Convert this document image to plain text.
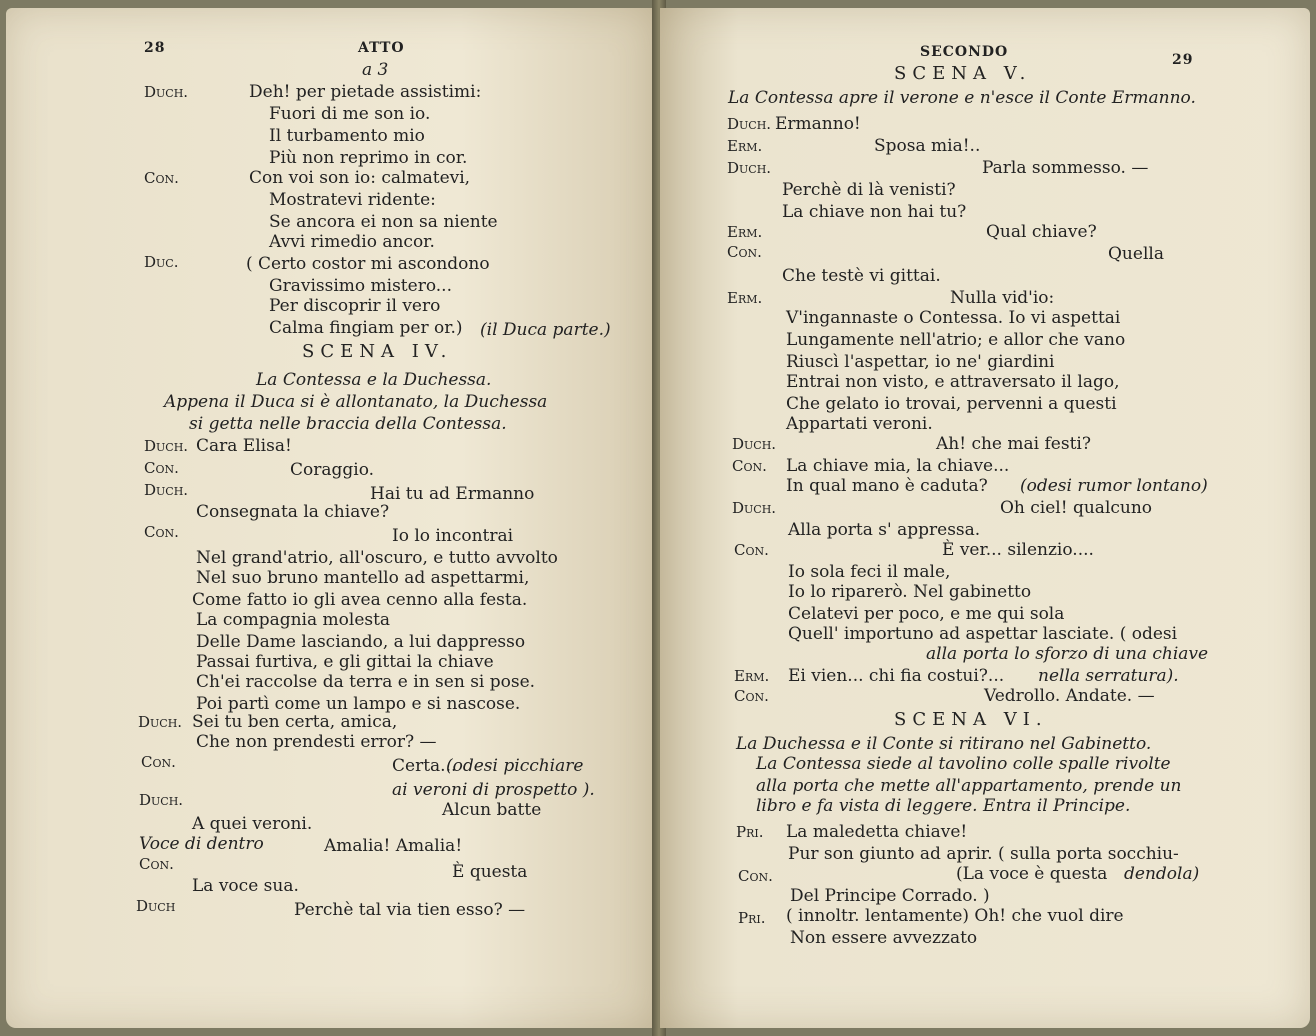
28	ATTO
a 3
Duch.	Deh! per pietade assistimi:
Fuori di me son io.
Il turbamento mio
Più non reprimo in cor.
Con.	Con voi son io: calmatevi,
Mostratevi ridente:
Se ancora ei non sa niente
Avvi rimedio ancor.
Duc.	( Certo costor mi ascondono
Gravissimo mistero...
Per discoprir il vero
Calma fingiam per or.) (il Duca parte.)
SCENA IV.
La Contessa e la Duchessa.
Appena il Duca si è allontanato, la Duchessa
si getta nelle braccia della Contessa.
Duch. Cara Elisa!
Con.	Coraggio.
Duch.	Hai tu ad Ermanno
Consegnata la chiave?
Con.	Io lo incontrai
Nel grand'atrio, all'oscuro, e tutto avvolto
Nel suo bruno mantello ad aspettarmi,
Come fatto io gli avea cenno alla festa.
La compagnia molesta
Delle Dame lasciando, a lui dappresso
Passai furtiva, e gli gittai la chiave
Ch'ei raccolse da terra e in sen si pose.
Poi partì come un lampo e si nascose.
Duch. Sei tu ben certa, amica,
Che non prendesti error? —
Con.	Certa...
(odesi picchiare
ai veroni di prospetto ).
Duch.	Alcun batte
A quei veroni.
Voce di dentro	Amalia! Amalia!
Con.	È questa
La voce sua.
Duch	Perchè tal via tien esso? —
SECONDO	29
SCENA V.
La Contessa apre il verone e n'esce il Conte Ermanno.
Duch. Ermanno!
Erm.	Sposa mia!..
Duch.	Parla sommesso. —
Perchè di là venisti?
La chiave non hai tu?
Erm.	Qual chiave?
Con.	Quella
Che testè vi gittai.
Erm.	Nulla vid'io:
V'ingannaste o Contessa. Io vi aspettai
Lungamente nell'atrio; e allor che vano
Riuscì l'aspettar, io ne' giardini
Entrai non visto, e attraversato il lago,
Che gelato io trovai, pervenni a questi
Appartati veroni.
Duch.	Ah! che mai festi?
Con. La chiave mia, la chiave...
In qual mano è caduta? (odesi rumor lontano)
Duch.	Oh ciel! qualcuno
Alla porta s' appressa.
Con.	È ver... silenzio....
Io sola feci il male,
Io lo riparerò. Nel gabinetto
Celatevi per poco, e me qui sola
Quell' importuno ad aspettar lasciate. ( odesi
alla porta lo sforzo di una chiave
Erm. Ei vien... chi fia costui?... nella serratura).
Con.	Vedrollo. Andate. —
SCENA VI.
La Duchessa e il Conte si ritirano nel Gabinetto.
La Contessa siede al tavolino colle spalle rivolte
alla porta che mette all'appartamento, prende un
libro e fa vista di leggere. Entra il Principe.
Pri. La maledetta chiave!
Pur son giunto ad aprir. ( sulla porta socchiu-
Con.	(La voce è questa dendola)
Del Principe Corrado. )
Pri. ( innoltr. lentamente) Oh! che vuol dire
Non essere avvezzato
